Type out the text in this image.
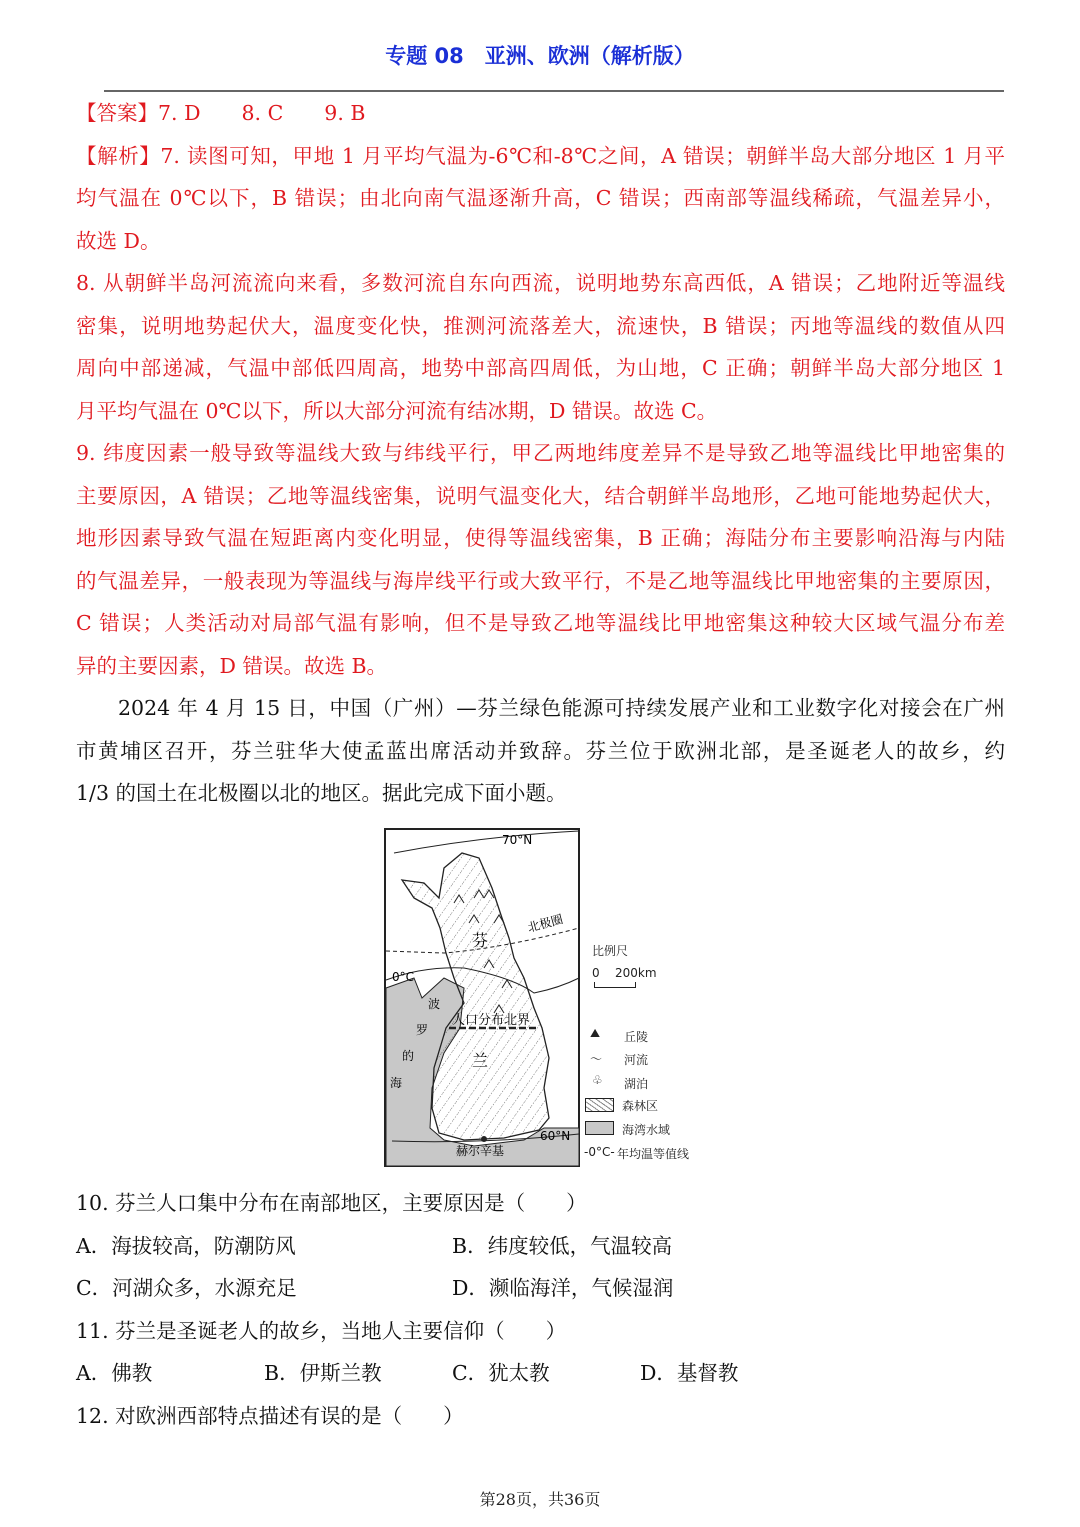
专题 08　亚洲、欧洲（解析版）
【答案】7. D　　8. C　　9. B
【解析】7. 读图可知，甲地 1 月平均气温为-6℃和-8℃之间，A 错误；朝鲜半岛大部分地区 1 月平
均气温在 0℃以下，B 错误；由北向南气温逐渐升高，C 错误；西南部等温线稀疏，气温差异小，
故选 D。
8. 从朝鲜半岛河流流向来看，多数河流自东向西流，说明地势东高西低，A 错误；乙地附近等温线
密集，说明地势起伏大，温度变化快，推测河流落差大，流速快，B 错误；丙地等温线的数值从四
周向中部递减，气温中部低四周高，地势中部高四周低，为山地，C 正确；朝鲜半岛大部分地区 1
月平均气温在 0℃以下，所以大部分河流有结冰期，D 错误。故选 C。
9. 纬度因素一般导致等温线大致与纬线平行，甲乙两地纬度差异不是导致乙地等温线比甲地密集的
主要原因，A 错误；乙地等温线密集，说明气温变化大，结合朝鲜半岛地形，乙地可能地势起伏大，
地形因素导致气温在短距离内变化明显，使得等温线密集，B 正确；海陆分布主要影响沿海与内陆
的气温差异，一般表现为等温线与海岸线平行或大致平行，不是乙地等温线比甲地密集的主要原因，
C 错误；人类活动对局部气温有影响，但不是导致乙地等温线比甲地密集这种较大区域气温分布差
异的主要因素，D 错误。故选 B。
2024 年 4 月 15 日，中国（广州）—芬兰绿色能源可持续发展产业和工业数字化对接会在广州
市黄埔区召开，芬兰驻华大使孟蓝出席活动并致辞。芬兰位于欧洲北部，是圣诞老人的故乡，约
1/3 的国土在北极圈以北的地区。据此完成下面小题。
70°N
60°N
北极圈
0°C
波
罗
的
海
芬
兰
人口分布北界
赫尔辛基
比例尺
0 200km
⛰ 丘陵
〜 河流
♧ 湖泊
森林区
海湾水域
-0°C- 年均温等值线
10. 芬兰人口集中分布在南部地区，主要原因是（　　）
A．海拔较高，防潮防风	B．纬度较低，气温较高
C．河湖众多，水源充足	D．濒临海洋，气候湿润
11. 芬兰是圣诞老人的故乡，当地人主要信仰（　　）
A．佛教	B．伊斯兰教	C．犹太教	D．基督教
12. 对欧洲西部特点描述有误的是（　　）
第28页，共36页
